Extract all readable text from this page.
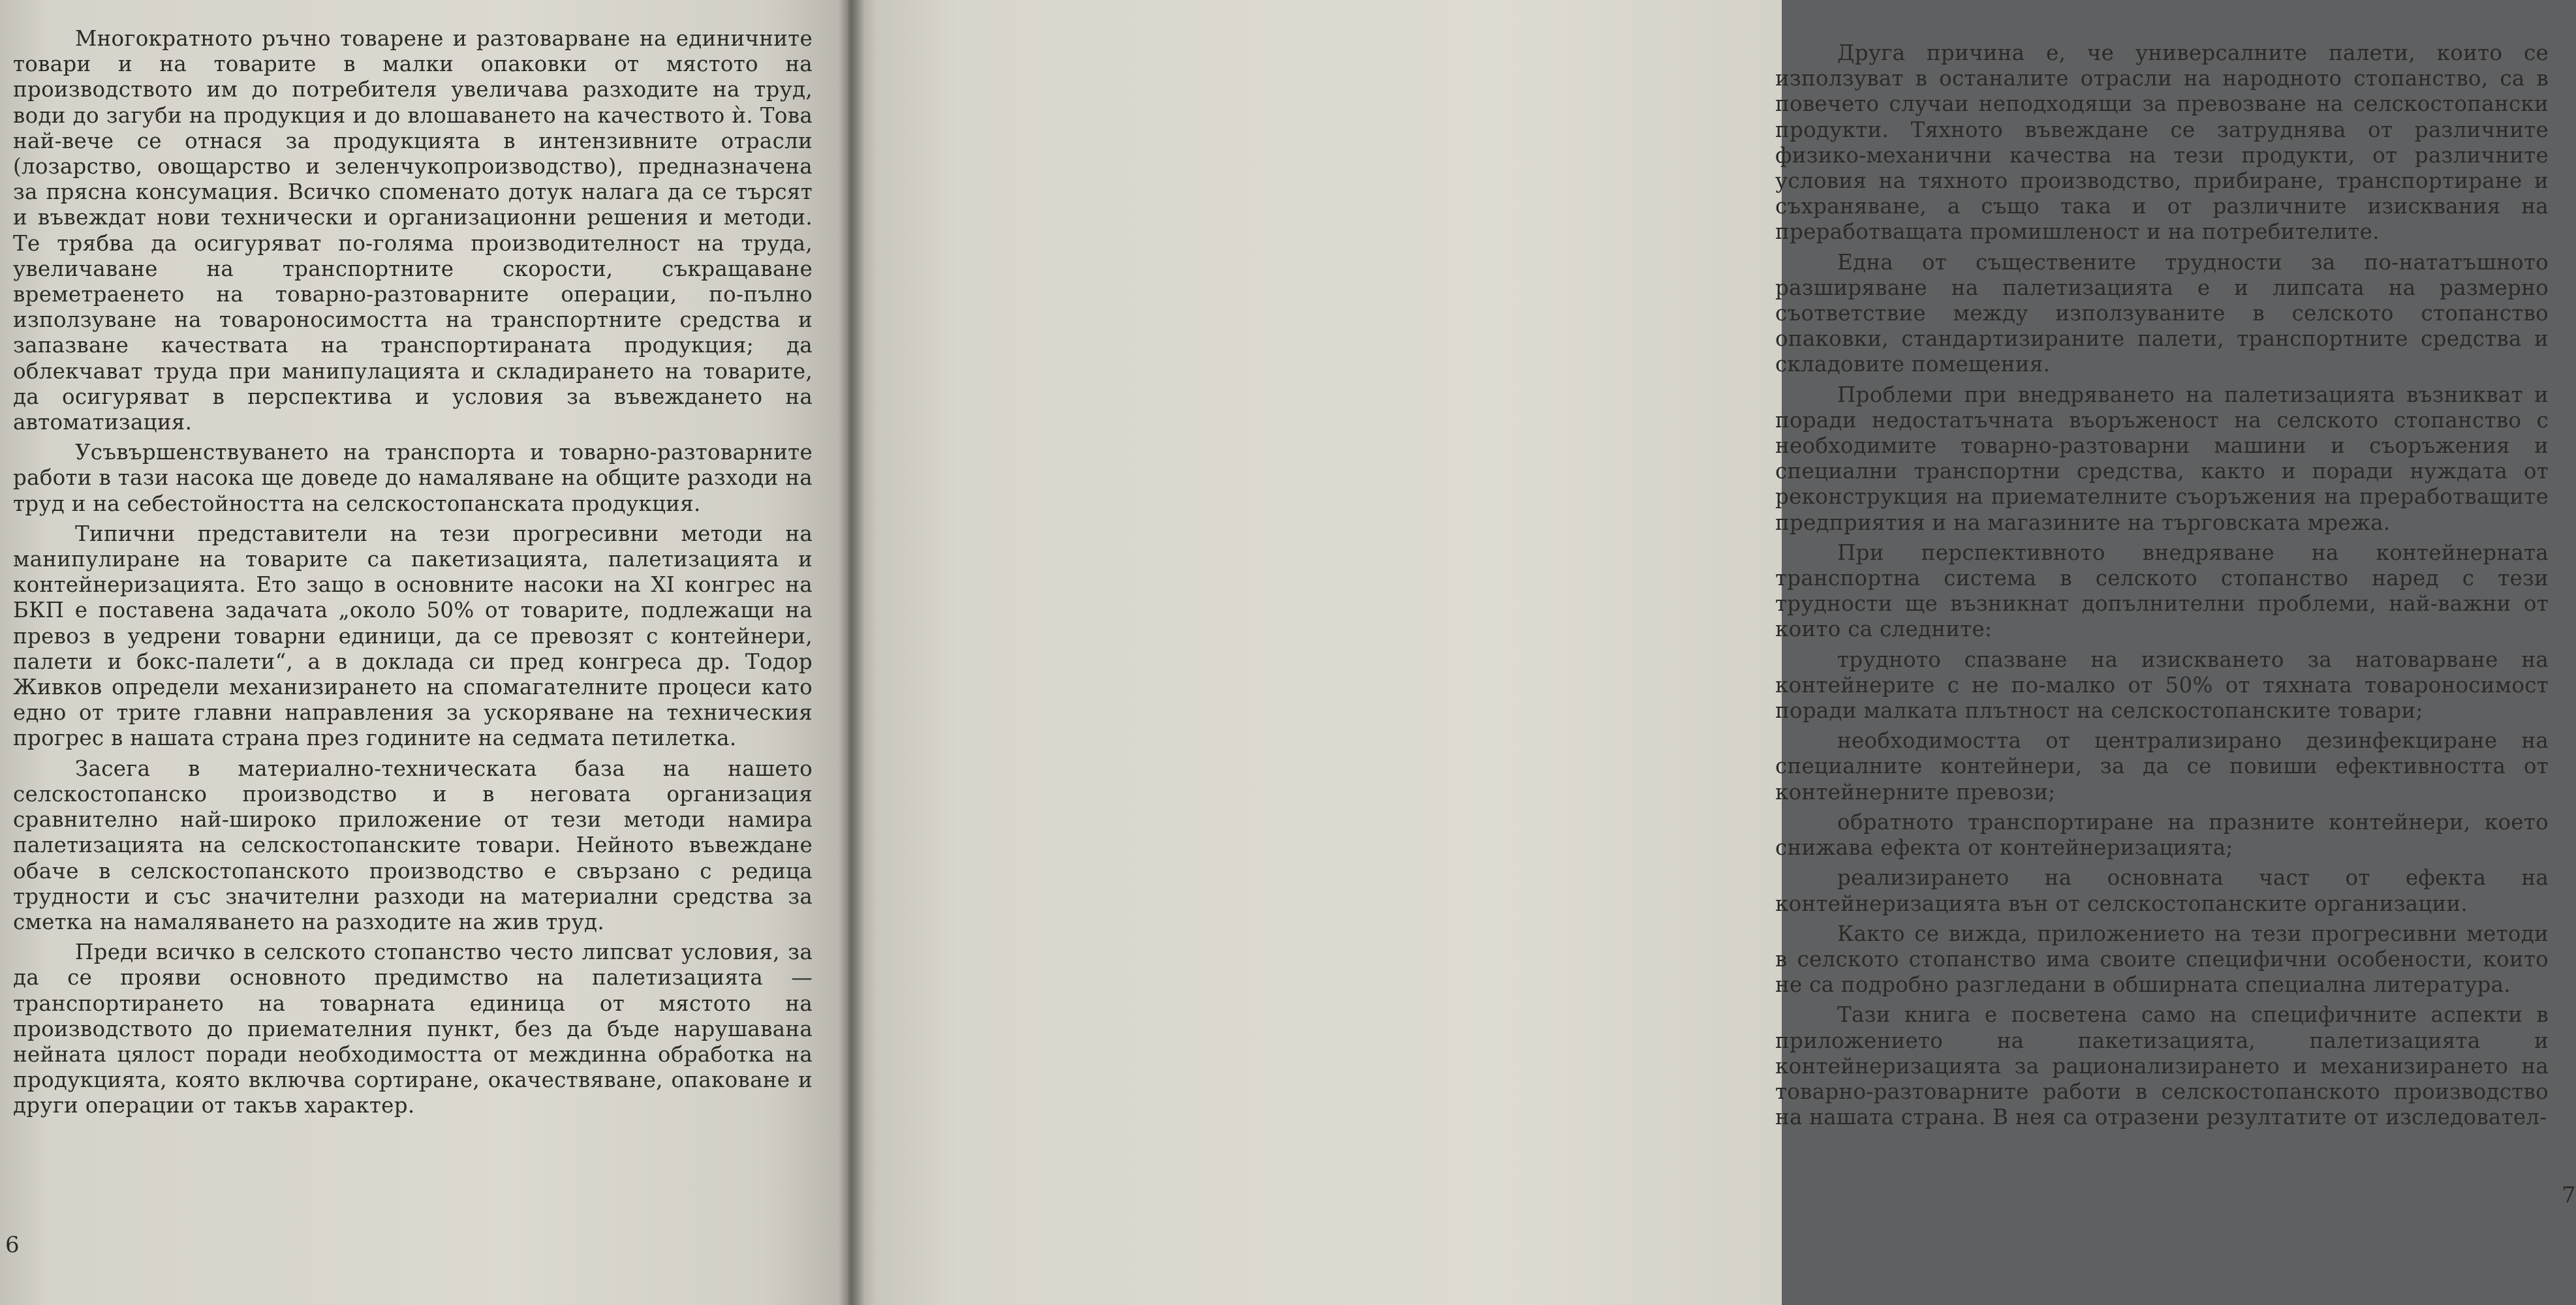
Многократното ръчно товарене и разтоварване на единичните товари и на товарите в малки опаковки от мястото на производството им до потребителя увеличава разходите на труд, води до загуби на продукция и до влошаването на качеството ѝ. Това най-вече се отнася за продукцията в интензивните отрасли (лозарство, овощарство и зеленчукопроизводство), предназначена за прясна консумация. Всичко споменато дотук налага да се търсят и въвеждат нови технически и организационни решения и методи. Те трябва да осигуряват по-голяма производителност на труда, увеличаване на транспортните скорости, съкращаване времетраенето на товарно-разтоварните операции, по-пълно използуване на товароносимостта на транспортните средства и запазване качествата на транспортираната продукция; да облекчават труда при манипулацията и складирането на товарите, да осигуряват в перспектива и условия за въвеждането на автоматизация.

Усъвършенствуването на транспорта и товарно-разтоварните работи в тази насока ще доведе до намаляване на общите разходи на труд и на себестойността на селскостопанската продукция.

Типични представители на тези прогресивни методи на манипулиране на товарите са пакетизацията, палетизацията и контейнеризацията. Ето защо в основните насоки на XI конгрес на БКП е поставена задачата „около 50% от товарите, подлежащи на превоз в уедрени товарни единици, да се превозят с контейнери, палети и бокс-палети“, а в доклада си пред конгреса др. Тодор Живков определи механизирането на спомагателните процеси като едно от трите главни направления за ускоряване на техническия прогрес в нашата страна през годините на седмата петилетка.

Засега в материално-техническата база на нашето селскостопанско производство и в неговата организация сравнително най-широко приложение от тези методи намира палетизацията на селскостопанските товари. Нейното въвеждане обаче в селскостопанското производство е свързано с редица трудности и със значителни разходи на материални средства за сметка на намаляването на разходите на жив труд.

Преди всичко в селското стопанство често липсват условия, за да се прояви основното предимство на палетизацията — транспортирането на товарната единица от мястото на производството до приемателния пункт, без да бъде нарушавана нейната цялост поради необходимостта от междинна обработка на продукцията, която включва сортиране, окачествяване, опаковане и други операции от такъв характер.

6

Друга причина е, че универсалните палети, които се използуват в останалите отрасли на народното стопанство, са в повечето случаи неподходящи за превозване на селскостопански продукти. Тяхното въвеждане се затруднява от различните физико-механични качества на тези продукти, от различните условия на тяхното производство, прибиране, транспортиране и съхраняване, а също така и от различните изисквания на преработващата промишленост и на потребителите.

Една от съществените трудности за по-нататъшното разширяване на палетизацията е и липсата на размерно съответствие между използуваните в селското стопанство опаковки, стандартизираните палети, транспортните средства и складовите помещения.

Проблеми при внедряването на палетизацията възникват и поради недостатъчната въоръженост на селското стопанство с необходимите товарно-разтоварни машини и съоръжения и специални транспортни средства, както и поради нуждата от реконструкция на приемателните съоръжения на преработващите предприятия и на магазините на търговската мрежа.

При перспективното внедряване на контейнерната транспортна система в селското стопанство наред с тези трудности ще възникнат допълнителни проблеми, най-важни от които са следните:

трудното спазване на изискването за натоварване на контейнерите с не по-малко от 50% от тяхната товароносимост поради малката плътност на селскостопанските товари;

необходимостта от централизирано дезинфекциране на специалните контейнери, за да се повиши ефективността от контейнерните превози;

обратното транспортиране на празните контейнери, което снижава ефекта от контейнеризацията;

реализирането на основната част от ефекта на контейнеризацията вън от селскостопанските организации.

Както се вижда, приложението на тези прогресивни методи в селското стопанство има своите специфични особености, които не са подробно разгледани в обширната специална литература.

Тази книга е посветена само на специфичните аспекти в приложението на пакетизацията, палетизацията и контейнеризацията за рационализирането и механизирането на товарно-разтоварните работи в селскостопанското производство на нашата страна. В нея са отразени резултатите от изследовател-

7
